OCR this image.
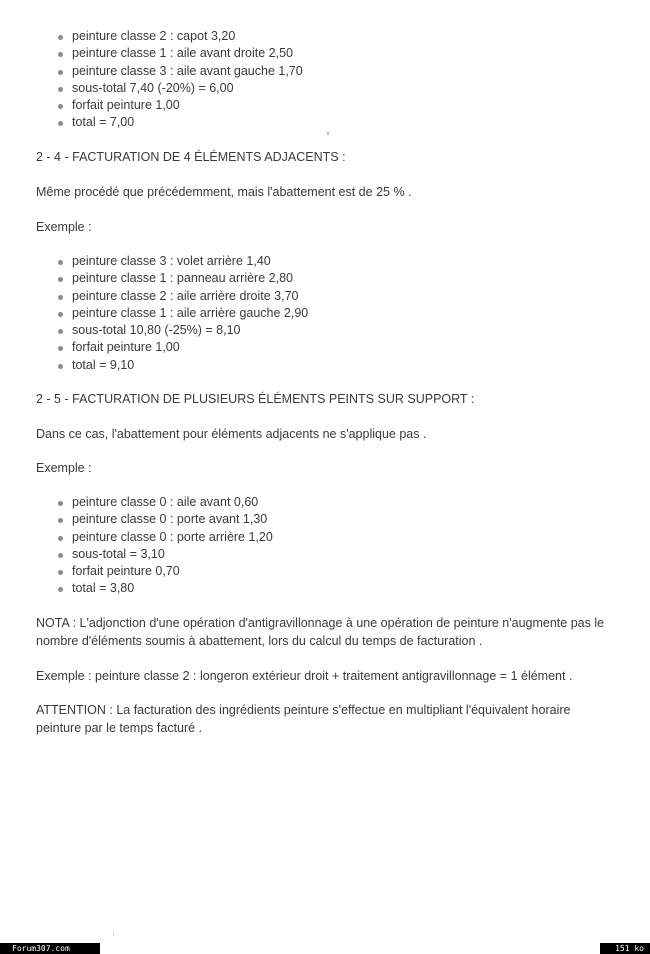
peinture classe 2 : capot 3,20
peinture classe 1 : aile avant droite 2,50
peinture classe 3 : aile avant gauche 1,70
sous-total 7,40 (-20%) = 6,00
forfait peinture 1,00
total = 7,00
2 - 4 - FACTURATION DE 4 ÉLÉMENTS ADJACENTS :
Même procédé que précédemment, mais l'abattement est de 25 % .
Exemple :
peinture classe 3 : volet arrière 1,40
peinture classe 1 : panneau arrière 2,80
peinture classe 2 : aile arrière droite 3,70
peinture classe 1 : aile arrière gauche 2,90
sous-total 10,80 (-25%) = 8,10
forfait peinture 1,00
total = 9,10
2 - 5 - FACTURATION DE PLUSIEURS ÉLÉMENTS PEINTS SUR SUPPORT :
Dans ce cas, l'abattement pour éléments adjacents ne s'applique pas .
Exemple :
peinture classe 0 : aile avant 0,60
peinture classe 0 : porte avant 1,30
peinture classe 0 : porte arrière 1,20
sous-total = 3,10
forfait peinture 0,70
total = 3,80
NOTA : L'adjonction d'une opération d'antigravillonnage à une opération de peinture n'augmente pas le
nombre d'éléments soumis à abattement, lors du calcul du temps de facturation .
Exemple : peinture classe 2 : longeron extérieur droit + traitement antigravillonnage = 1 élément .
ATTENTION : La facturation des ingrédients peinture s'effectue en multipliant l'équivalent horaire
peinture par le temps facturé .
Forum307.com	151 ko
